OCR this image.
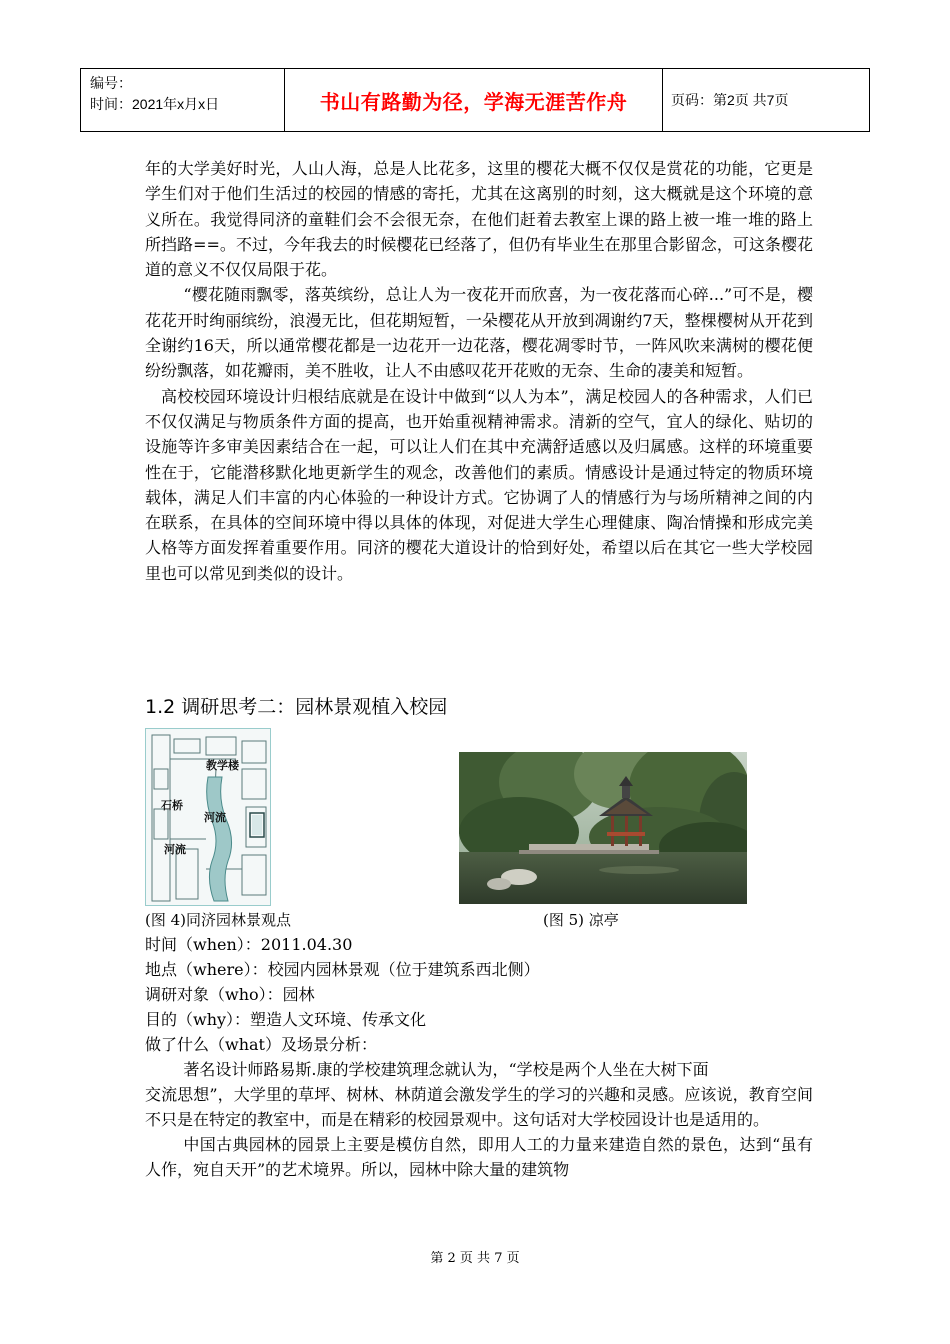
编号：
时间：2021年x月x日	书山有路勤为径，学海无涯苦作舟	页码：第2页 共7页

年的大学美好时光，人山人海，总是人比花多，这里的樱花大概不仅仅是赏花的功能，它更是学生们对于他们生活过的校园的情感的寄托，尤其在这离别的时刻，这大概就是这个环境的意义所在。我觉得同济的童鞋们会不会很无奈，在他们赶着去教室上课的路上被一堆一堆的路上所挡路==。不过，今年我去的时候樱花已经落了，但仍有毕业生在那里合影留念，可这条樱花道的意义不仅仅局限于花。

“樱花随雨飘零，落英缤纷，总让人为一夜花开而欣喜，为一夜花落而心碎...”可不是，樱花花开时绚丽缤纷，浪漫无比，但花期短暂，一朵樱花从开放到凋谢约7天，整棵樱树从开花到全谢约16天，所以通常樱花都是一边花开一边花落，樱花凋零时节，一阵风吹来满树的樱花便纷纷飘落，如花瓣雨，美不胜收，让人不由感叹花开花败的无奈、生命的凄美和短暂。

高校校园环境设计归根结底就是在设计中做到“以人为本”，满足校园人的各种需求，人们已不仅仅满足与物质条件方面的提高，也开始重视精神需求。清新的空气，宜人的绿化、贴切的设施等许多审美因素结合在一起，可以让人们在其中充满舒适感以及归属感。这样的环境重要性在于，它能潜移默化地更新学生的观念，改善他们的素质。情感设计是通过特定的物质环境载体，满足人们丰富的内心体验的一种设计方式。它协调了人的情感行为与场所精神之间的内在联系，在具体的空间环境中得以具体的体现，对促进大学生心理健康、陶冶情操和形成完美人格等方面发挥着重要作用。同济的樱花大道设计的恰到好处，希望以后在其它一些大学校园里也可以常见到类似的设计。

1.2 调研思考二：园林景观植入校园
教学楼
石桥
河流
河流
(图 4)同济园林景观点	(图 5) 凉亭

时间（when）：2011.04.30

地点（where）：校园内园林景观（位于建筑系西北侧）

调研对象（who）：园林

目的（why）：塑造人文环境、传承文化

做了什么（what）及场景分析：

著名设计师路易斯.康的学校建筑理念就认为，“学校是两个人坐在大树下面

交流思想”，大学里的草坪、树林、林荫道会激发学生的学习的兴趣和灵感。应该说，教育空间不只是在特定的教室中，而是在精彩的校园景观中。这句话对大学校园设计也是适用的。

中国古典园林的园景上主要是模仿自然，即用人工的力量来建造自然的景色，达到“虽有人作，宛自天开”的艺术境界。所以，园林中除大量的建筑物

第 2 页 共 7 页
